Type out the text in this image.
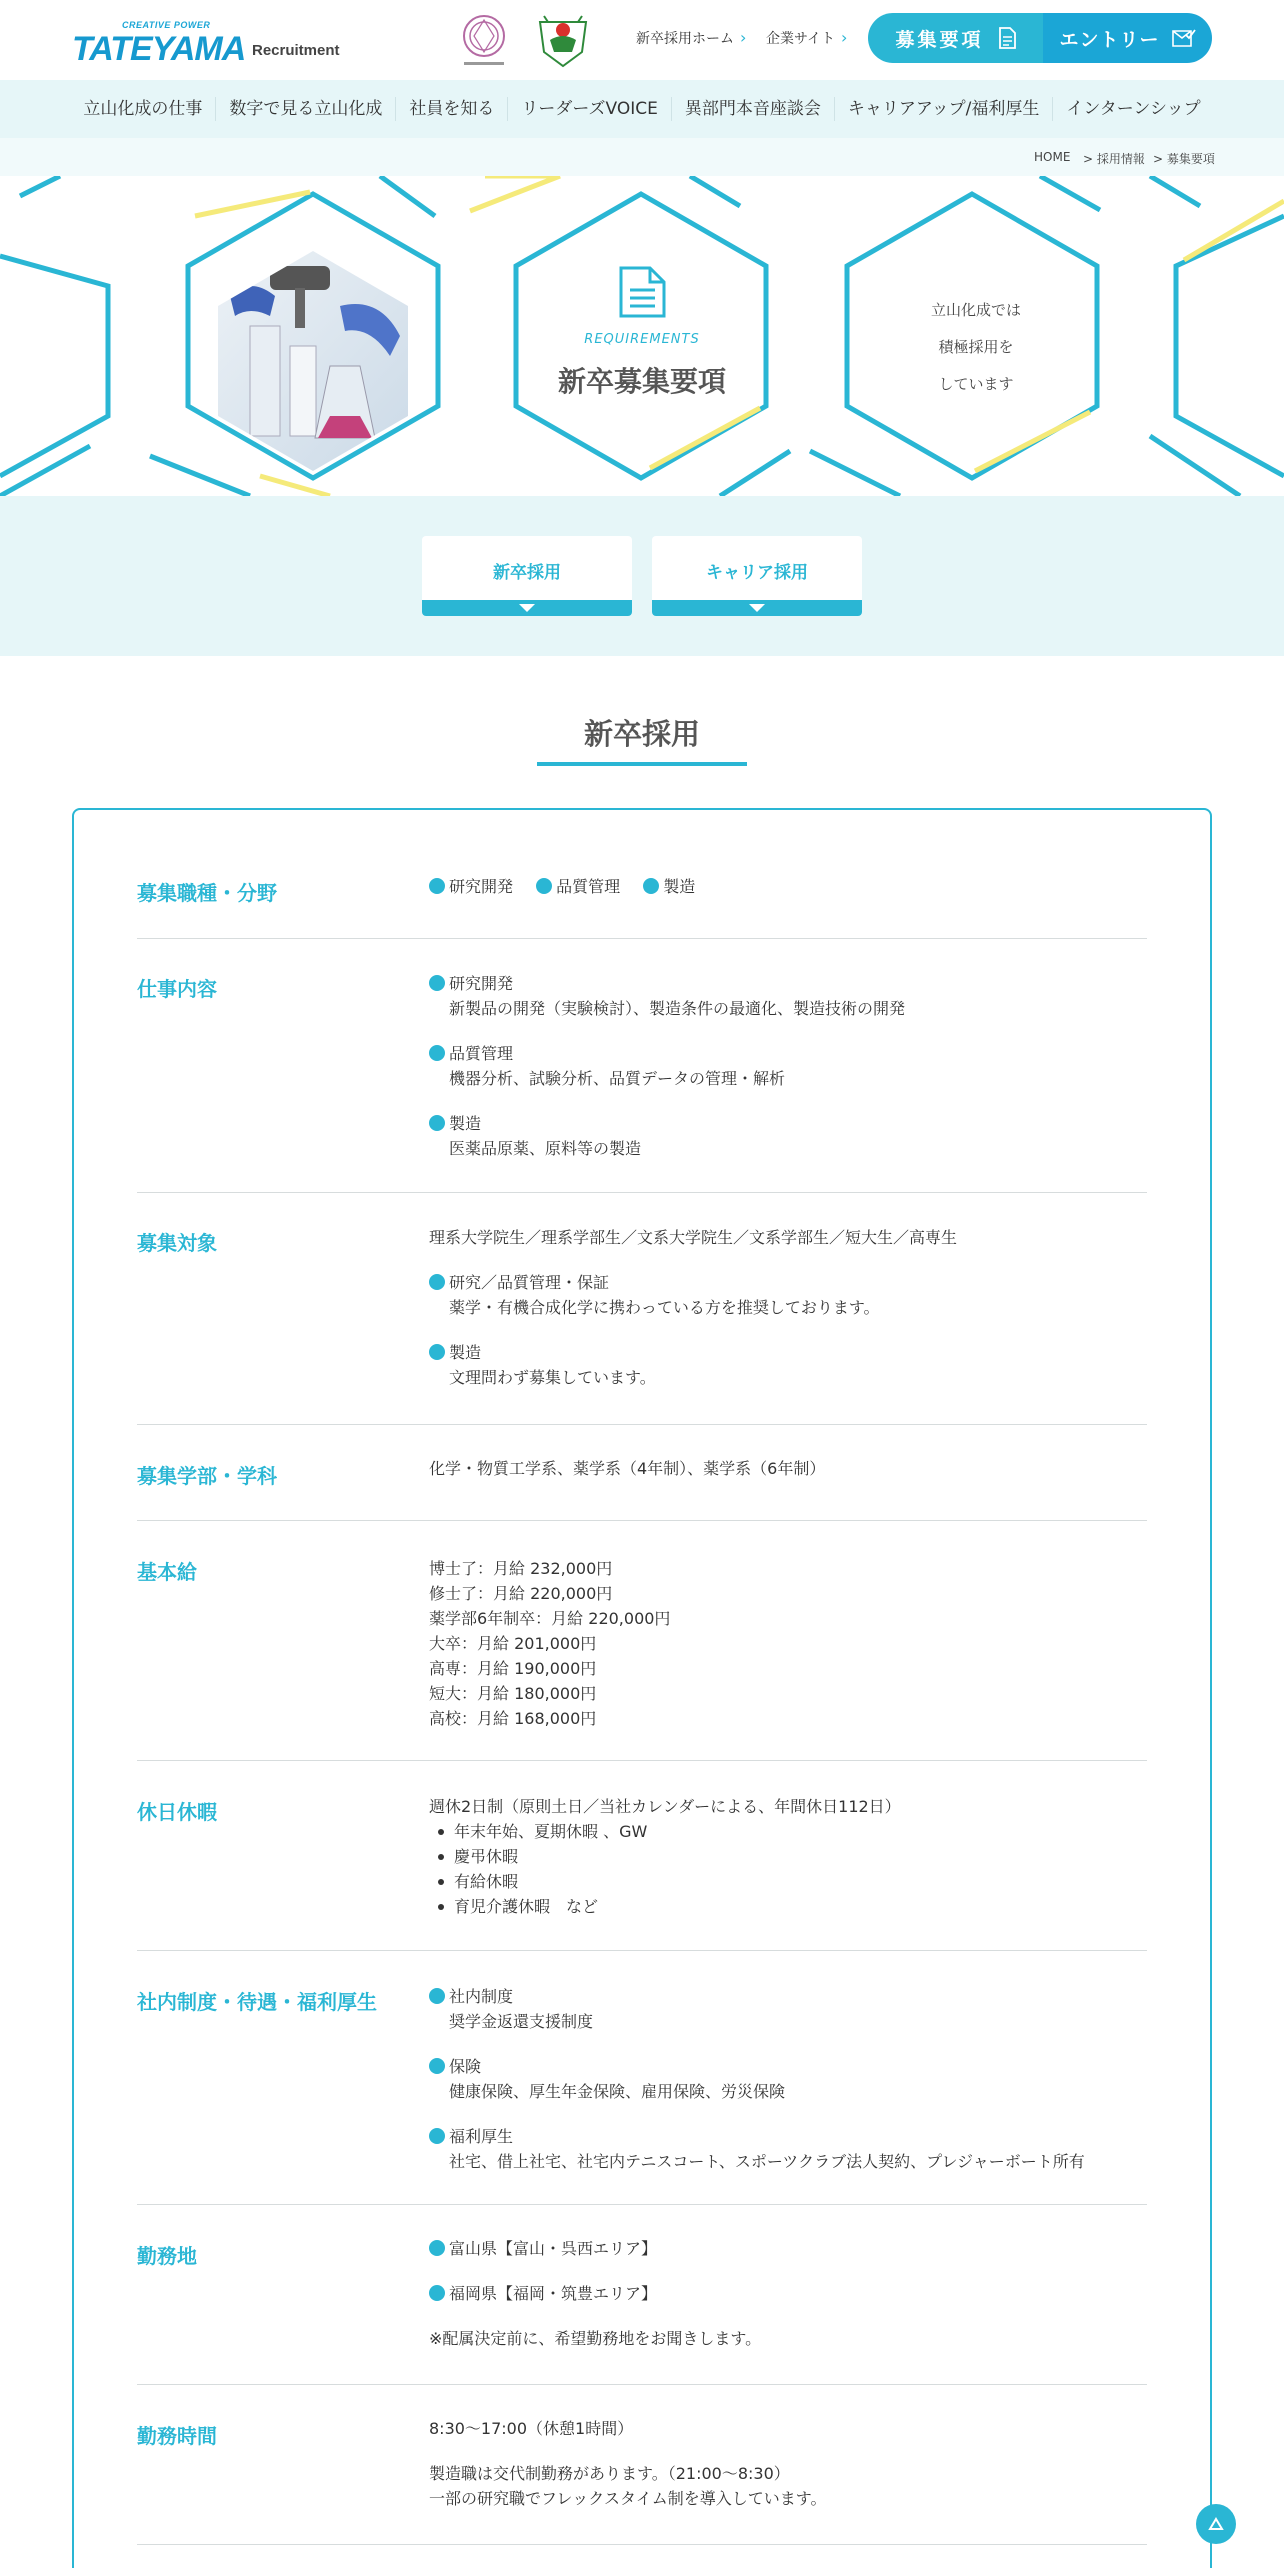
CREATIVE POWER
TATEYAMA Recruitment
新卒採用ホーム › 企業サイト ›	募集要項	エントリー
立山化成の仕事	数字で見る立山化成	社員を知る	リーダーズVOICE	異部門本音座談会	キャリアアップ/福利厚生	インターンシップ
HOME > 採用情報 > 募集要項
REQUIREMENTS
新卒募集要項
立山化成では
積極採用を
しています
新卒採用	キャリア採用
新卒採用
募集職種・分野	研究開発	品質管理	製造
仕事内容	研究開発
新製品の開発（実験検討）、製造条件の最適化、製造技術の開発
品質管理
機器分析、試験分析、品質データの管理・解析
製造
医薬品原薬、原料等の製造
募集対象	理系大学院生／理系学部生／文系大学院生／文系学部生／短大生／高専生
研究／品質管理・保証
薬学・有機合成化学に携わっている方を推奨しております。
製造
文理問わず募集しています。
募集学部・学科	化学・物質工学系、薬学系（4年制）、薬学系（6年制）
基本給	博士了：月給 232,000円
修士了：月給 220,000円
薬学部6年制卒：月給 220,000円
大卒：月給 201,000円
高専：月給 190,000円
短大：月給 180,000円
高校：月給 168,000円
休日休暇	週休2日制（原則土日／当社カレンダーによる、年間休日112日）
年末年始、夏期休暇 、GW
慶弔休暇
有給休暇
育児介護休暇　など
社内制度・待遇・福利厚生	社内制度
奨学金返還支援制度
保険
健康保険、厚生年金保険、雇用保険、労災保険
福利厚生
社宅、借上社宅、社宅内テニスコート、スポーツクラブ法人契約、プレジャーボート所有
勤務地	富山県【富山・呉西エリア】
福岡県【福岡・筑豊エリア】
※配属決定前に、希望勤務地をお聞きします。
勤務時間	8:30～17:00（休憩1時間）
製造職は交代制勤務があります。（21:00～8:30）
一部の研究職でフレックスタイム制を導入しています。
